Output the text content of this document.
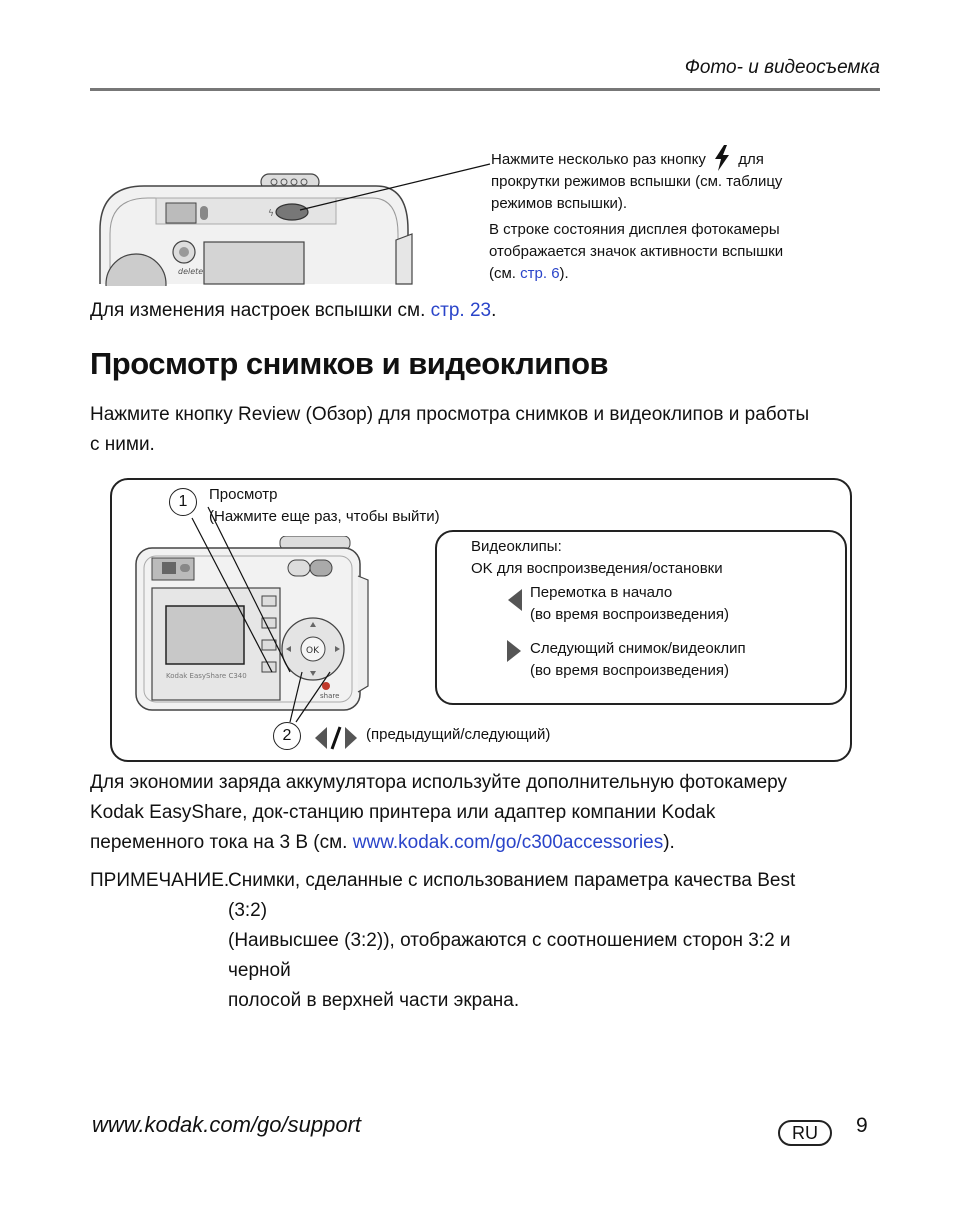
Фото- и видеосъемка
ϟ
delete
Нажмите несколько раз кнопку для
прокрутки режимов вспышки (см. таблицу
режимов вспышки).
В строке состояния дисплея фотокамеры
отображается значок активности вспышки
(см. стр. 6).
Для изменения настроек вспышки см. стр. 23.
Просмотр снимков и видеоклипов
Нажмите кнопку Review (Обзор) для просмотра снимков и видеоклипов и работы
с ними.
Kodak EasyShare C340
OK
share
1	Просмотр
(Нажмите еще раз, чтобы выйти)
Видеоклипы:
OK для воспроизведения/остановки
Перемотка в начало
(во время воспроизведения)
Следующий снимок/видеоклип
(во время воспроизведения)
2	(предыдущий/следующий)
Для экономии заряда аккумулятора используйте дополнительную фотокамеру
Kodak EasyShare, док-станцию принтера или адаптер компании Kodak
переменного тока на 3 В (см. www.kodak.com/go/c300accessories).
ПРИМЕЧАНИЕ.
Снимки, сделанные с использованием параметра качества Best (3:2)
(Наивысшее (3:2)), отображаются с соотношением сторон 3:2 и черной
полосой в верхней части экрана.
www.kodak.com/go/support	RU	9
